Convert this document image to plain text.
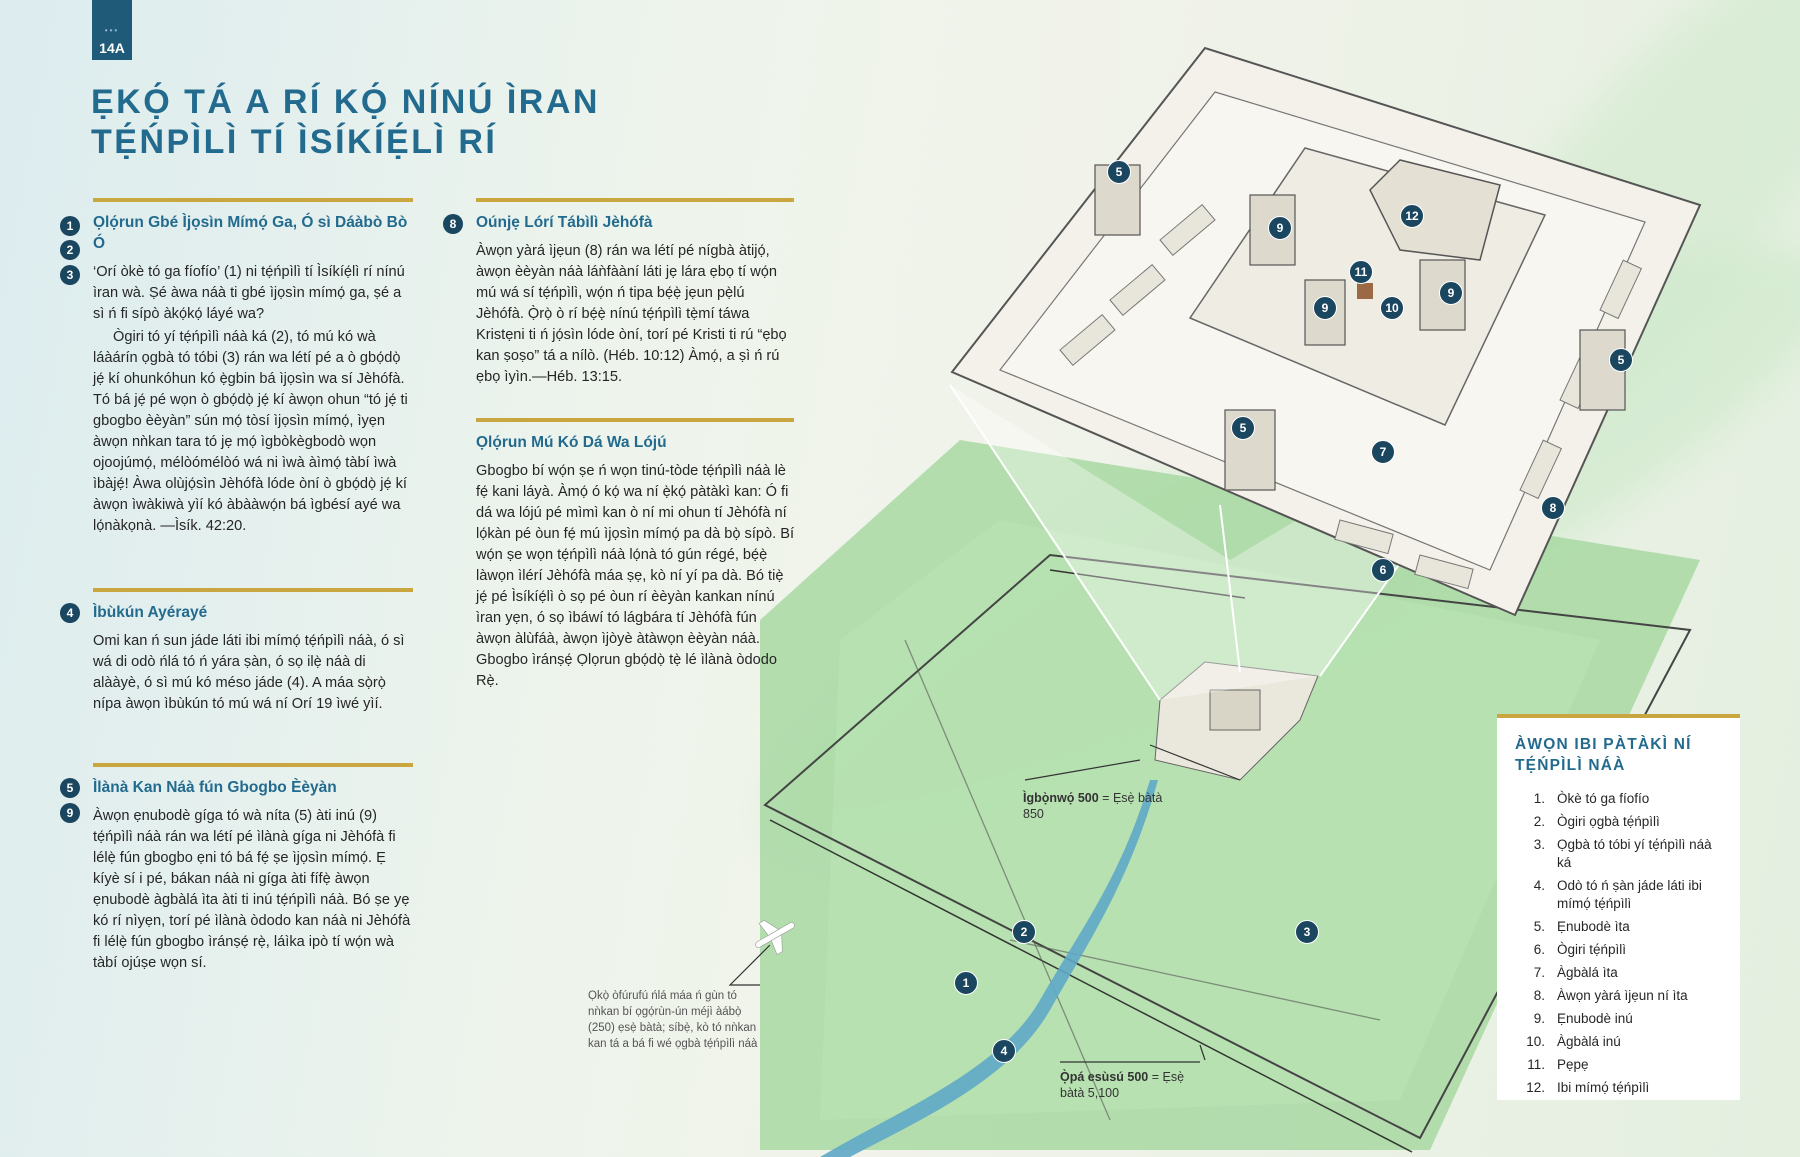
•••
14A
ẸKỌ́ TÁ A RÍ KỌ́ NÍNÚ ÌRAN
TẸ́ŃPÌLÌ TÍ ÌSÍKÍẸ́LÌ RÍ
1
2
3
4
5
9
8
Ọlọ́run Gbé Ìjọsìn Mímọ́ Ga, Ó sì Dáàbò Bò Ó

‘Orí òkè tó ga fíofío’ (1) ni tẹ́ńpìlì tí Ìsíkíẹ́lì rí nínú ìran wà. Ṣé àwa náà ti gbé ìjọsìn mímọ́ ga, ṣé a sì ń fi sípò àkọ́kọ́ láyé wa?

Ògiri tó yí tẹ́ńpìlì náà ká (2), tó mú kó wà láàárín ọgbà tó tóbi (3) rán wa létí pé a ò gbọ́dọ̀ jẹ́ kí ohunkóhun kó ẹ̀gbin bá ìjọsìn wa sí Jèhófà. Tó bá jẹ́ pé wọn ò gbọ́dọ̀ jẹ́ kí àwọn ohun “tó jẹ́ ti gbogbo èèyàn” sún mọ́ tòsí ìjọsìn mímọ́, ìyẹn àwọn nǹkan tara tó jẹ mọ́ ìgbòkègbodò wọn ojoojúmọ́, mélòómélòó wá ni ìwà àìmọ́ tàbí ìwà ìbàjẹ́! Àwa olùjọ́sìn Jèhófà lóde òní ò gbọ́dọ̀ jẹ́ kí àwọn ìwàkiwà yìí kó àbààwọ́n bá ìgbésí ayé wa lọ́nàkọnà. —Ìsík. 42:20.

Ìbùkún Ayérayé

Omi kan ń sun jáde láti ibi mímọ́ tẹ́ńpìlì náà, ó sì wá di odò ńlá tó ń yára ṣàn, ó sọ ilẹ̀ náà di alààyè, ó sì mú kó méso jáde (4). A máa sọ̀rọ̀ nípa àwọn ìbùkún tó mú wá ní Orí 19 ìwé yìí.

Ìlànà Kan Náà fún Gbogbo Èèyàn

Àwọn ẹnubodè gíga tó wà níta (5) àti inú (9) tẹ́ńpìlì náà rán wa létí pé ìlànà gíga ni Jèhófà fi lélẹ̀ fún gbogbo ẹni tó bá fẹ́ ṣe ìjọsìn mímọ́. Ẹ kíyè sí i pé, bákan náà ni gíga àti fífẹ̀ àwọn ẹnubodè àgbàlá ìta àti ti inú tẹ́ńpìlì náà. Bó ṣe yẹ kó rí nìyẹn, torí pé ìlànà òdodo kan náà ni Jèhófà fi lélẹ̀ fún gbogbo ìránṣẹ́ rẹ̀, láìka ipò tí wọ́n wà tàbí ojúṣe wọn sí.

Oúnjẹ Lórí Tábìlì Jèhófà

Àwọn yàrá ìjẹun (8) rán wa létí pé nígbà àtijọ́, àwọn èèyàn náà láǹfààní láti jẹ lára ẹbọ tí wọ́n mú wá sí tẹ́ńpìlì, wọ́n ń tipa bẹ́ẹ̀ jẹun pẹ̀lú Jèhófà. Ọ̀rọ̀ ò rí bẹ́ẹ̀ nínú tẹ́ńpìlì tẹ̀mí táwa Kristẹni ti ń jọ́sìn lóde òní, torí pé Kristi ti rú “ẹbọ kan ṣoṣo” tá a nílò. (Héb. 10:12) Àmọ́, a ṣì ń rú ẹbọ ìyìn.—Héb. 13:15.

Ọlọ́run Mú Kó Dá Wa Lójú

Gbogbo bí wọ́n ṣe ń wọn tinú-tòde tẹ́ńpìlì náà lè fẹ́ kani láyà. Àmọ́ ó kọ́ wa ní ẹ̀kọ́ pàtàkì kan: Ó fi dá wa lójú pé mìmì kan ò ní mi ohun tí Jèhófà ní lọ́kàn pé òun fẹ́ mú ìjọsìn mímọ́ pa dà bọ̀ sípò. Bí wọ́n ṣe wọn tẹ́ńpìlì náà lọ́nà tó gún régé, bẹ́ẹ̀ làwọn ìlérí Jèhófà máa ṣẹ, kò ní yí pa dà. Bó tiẹ̀ jẹ́ pé Ìsíkíẹ́lì ò sọ pé òun rí èèyàn kankan nínú ìran yẹn, ó sọ ìbáwí tó lágbára tí Jèhófà fún àwọn àlùfáà, àwọn ìjòyè àtàwọn èèyàn náà. Gbogbo ìránṣẹ́ Ọlọrun gbọ́dọ̀ tẹ̀ lé ìlànà òdodo Rẹ̀.

5
9
12
11
9	10
9
5
5
7
8
6
2	3
1
4
Ìgbọ̀nwọ́ 500 = Ẹsẹ̀ bàtà 850
Ọ̀pá esùsú 500 = Ẹsẹ̀ bàtà 5,100
Ọkọ̀ òfúrufú ńlá máa ń gùn tó nǹkan bí ọgọ́rùn-ún méjì àábọ̀ (250) ẹsẹ̀ bàtà; síbẹ̀, kò tó nǹkan kan tá a bá fi wé ọgbà tẹ́ńpìlì náà
ÀWỌN IBI PÀTÀKÌ NÍ
TẸ́ŃPÌLÌ NÁÀ
1. Òkè tó ga fíofío
2. Ògiri ọgbà tẹ́ńpìlì
3. Ọgbà tó tóbi yí tẹ́ńpìlì náà ká
4. Odò tó ń ṣàn jáde láti ibi mímọ́ tẹ́ńpìlì
5. Ẹnubodè ìta
6. Ògiri tẹ́ńpìlì
7. Àgbàlá ìta
8. Àwọn yàrá ìjẹun ní ìta
9. Ẹnubodè inú
10. Àgbàlá inú
11. Pẹpẹ
12. Ibi mímọ́ tẹ́ńpìlì
